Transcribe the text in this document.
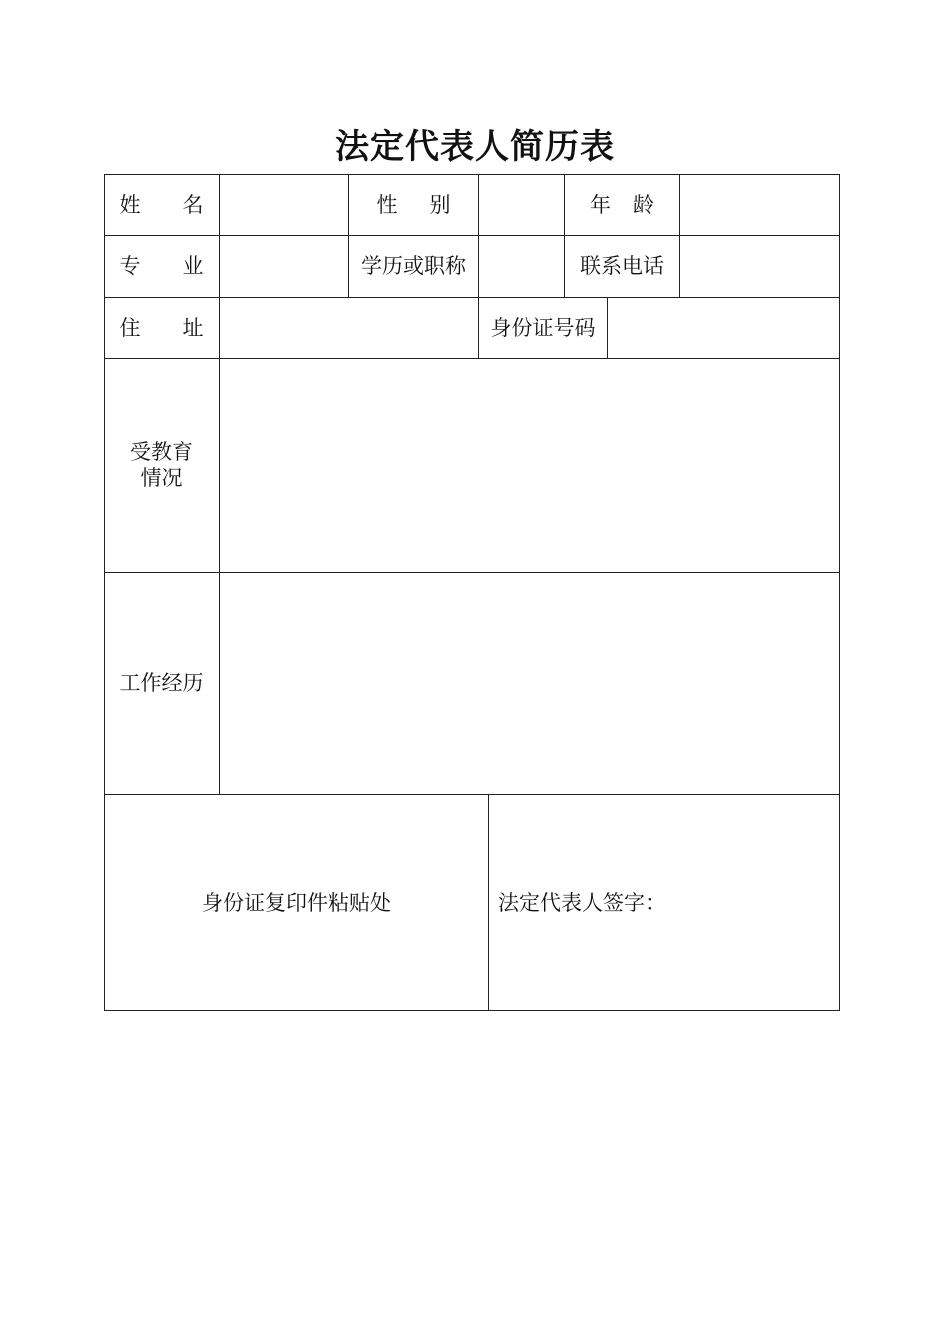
法定代表人简历表
姓 名	性 别	年 龄
专 业	学历或职称	联系电话
住 址	身份证号码
受教育
情况
工作经历
身份证复印件粘贴处	法定代表人签字：
